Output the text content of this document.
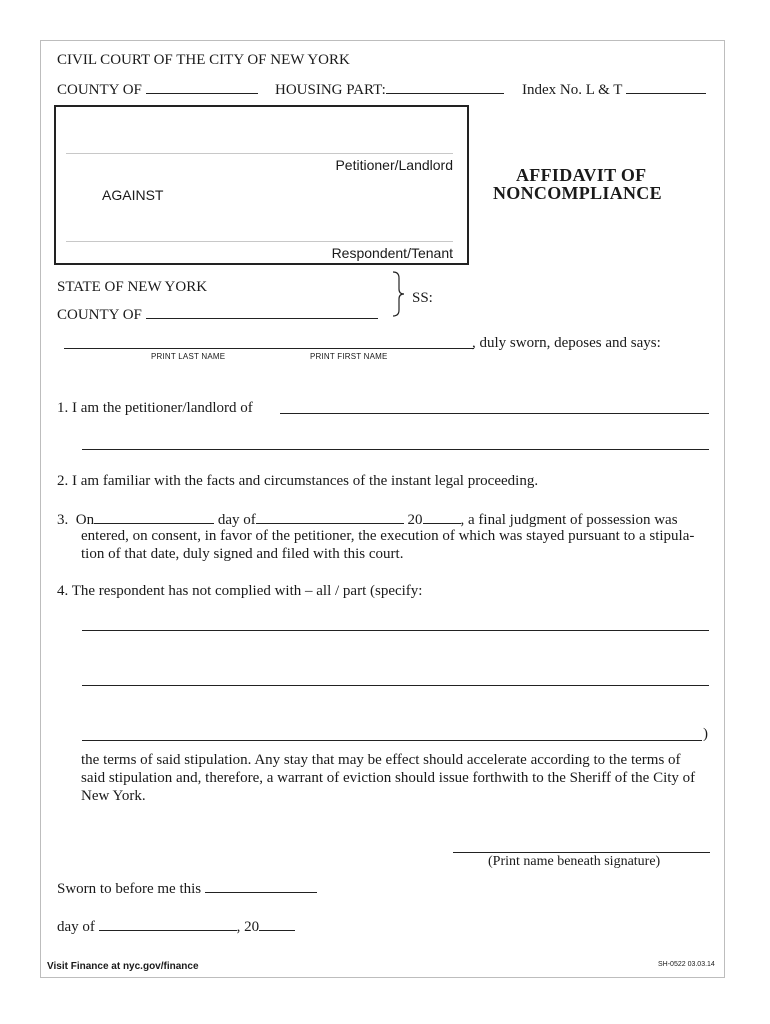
CIVIL COURT OF THE CITY OF NEW YORK
COUNTY OF	HOUSING PART:	Index No. L & T
Petitioner/Landlord
AGAINST
Respondent/Tenant
AFFIDAVIT OF
NONCOMPLIANCE
STATE OF NEW YORK
COUNTY OF
SS:
, duly sworn, deposes and says:
PRINT LAST NAME	PRINT FIRST NAME
1. I am the petitioner/landlord of
2. I am familiar with the facts and circumstances of the instant legal proceeding.
3. On	day of	20	, a final judgment of possession was
entered, on consent, in favor of the petitioner, the execution of which was stayed pursuant to a stipula-
tion of that date, duly signed and filed with this court.
4. The respondent has not complied with – all / part (specify:
)
the terms of said stipulation. Any stay that may be effect should accelerate according to the terms of
said stipulation and, therefore, a warrant of eviction should issue forthwith to the Sheriff of the City of
New York.
(Print name beneath signature)
Sworn to before me this
day of	, 20
Visit Finance at nyc.gov/finance	SH-0522 03.03.14
